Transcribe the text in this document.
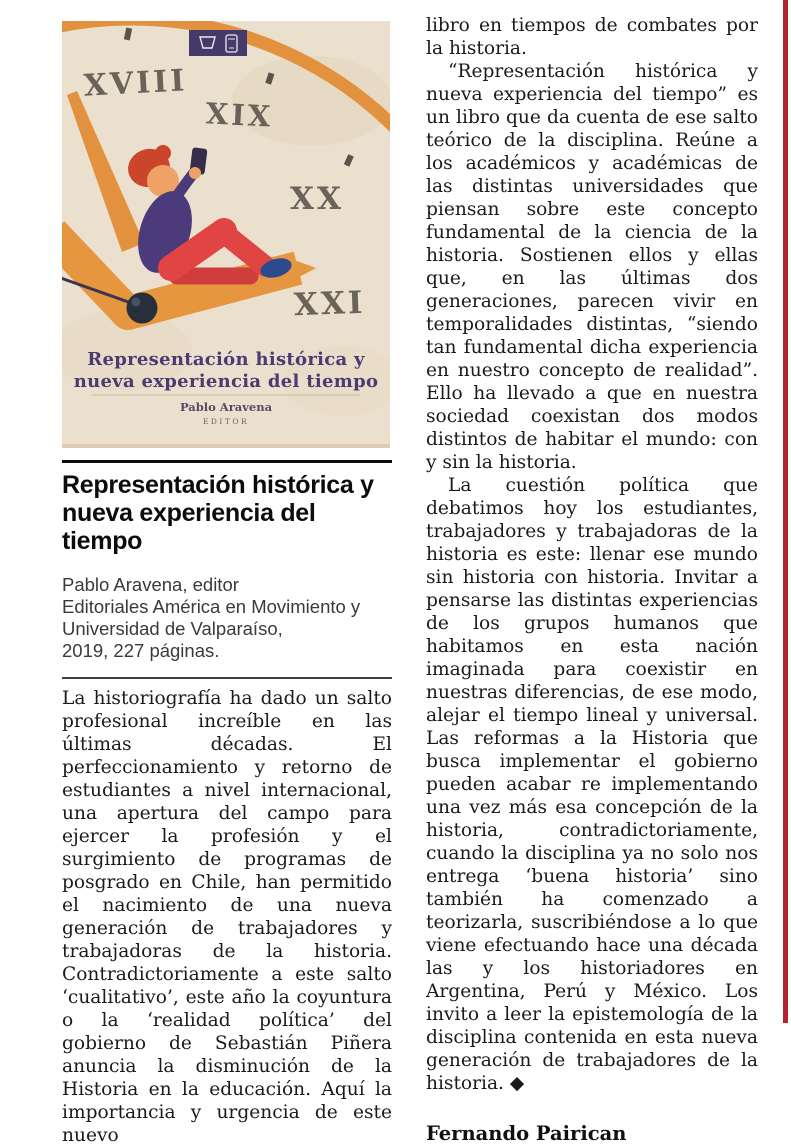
XVIII
XIX
XX
XXI
Representación histórica y
nueva experiencia del tiempo
Pablo Aravena
EDITOR
Representación histórica y
nueva experiencia del tiempo
Pablo Aravena, editor
Editoriales América en Movimiento y
Universidad de Valparaíso,
2019, 227 páginas.

La historiografía ha dado un salto profesional increíble en las últimas décadas. El perfeccionamiento y retorno de estudiantes a nivel internacional, una apertura del campo para ejercer la profesión y el surgimiento de programas de posgrado en Chile, han permitido el nacimiento de una nueva generación de trabajadores y trabajadoras de la historia. Contradictoriamente a este salto ‘cualitativo’, este año la coyuntura o la ‘realidad política’ del gobierno de Sebastián Piñera anuncia la disminución de la Historia en la educación. Aquí la importancia y urgencia de este nuevo

libro en tiempos de combates por la historia.

“Representación histórica y nueva experiencia del tiempo” es un libro que da cuenta de ese salto teórico de la disciplina. Reúne a los académicos y académicas de las distintas universidades que piensan sobre este concepto fundamental de la ciencia de la historia. Sostienen ellos y ellas que, en las últimas dos generaciones, parecen vivir en temporalidades distintas, “siendo tan fundamental dicha experiencia en nuestro concepto de realidad”. Ello ha llevado a que en nuestra sociedad coexistan dos modos distintos de habitar el mundo: con y sin la historia.

La cuestión política que debatimos hoy los estudiantes, trabajadores y trabajadoras de la historia es este: llenar ese mundo sin historia con historia. Invitar a pensarse las distintas experiencias de los grupos humanos que habitamos en esta nación imaginada para coexistir en nuestras diferencias, de ese modo, alejar el tiempo lineal y universal. Las reformas a la Historia que busca implementar el gobierno pueden acabar re implementando una vez más esa concepción de la historia, contradictoriamente, cuando la disciplina ya no solo nos entrega ‘buena historia’ sino también ha comenzado a teorizarla, suscribiéndose a lo que viene efectuando hace una década las y los historiadores en Argentina, Perú y México. Los invito a leer la epistemología de la disciplina contenida en esta nueva generación de trabajadores de la historia. ◆

Fernando Pairican
